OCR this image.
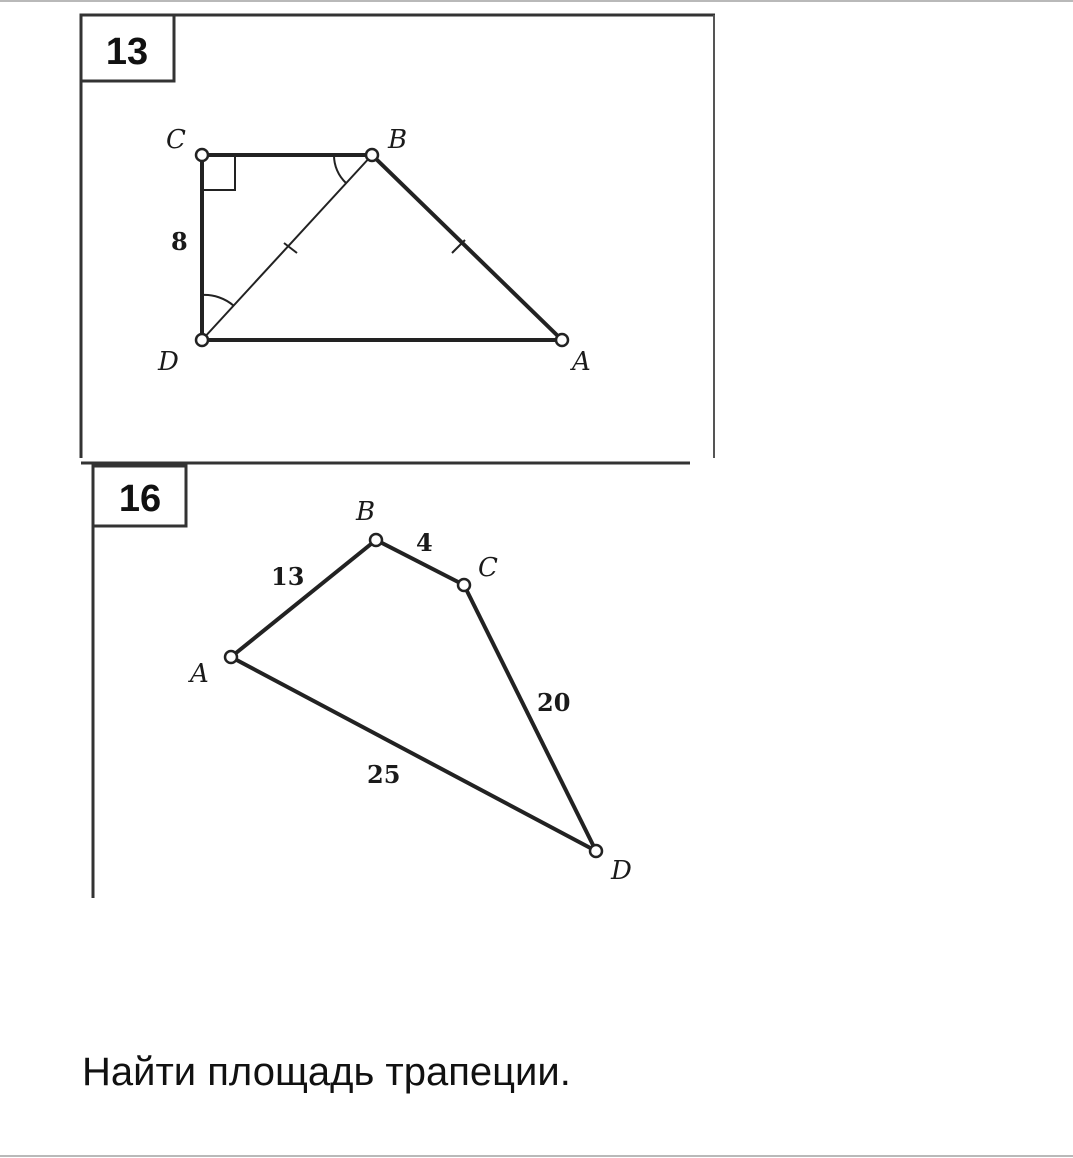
13
C	B
D	A
8
16
A
B
C
D
13
4
20
25

Найти площадь трапеции.
